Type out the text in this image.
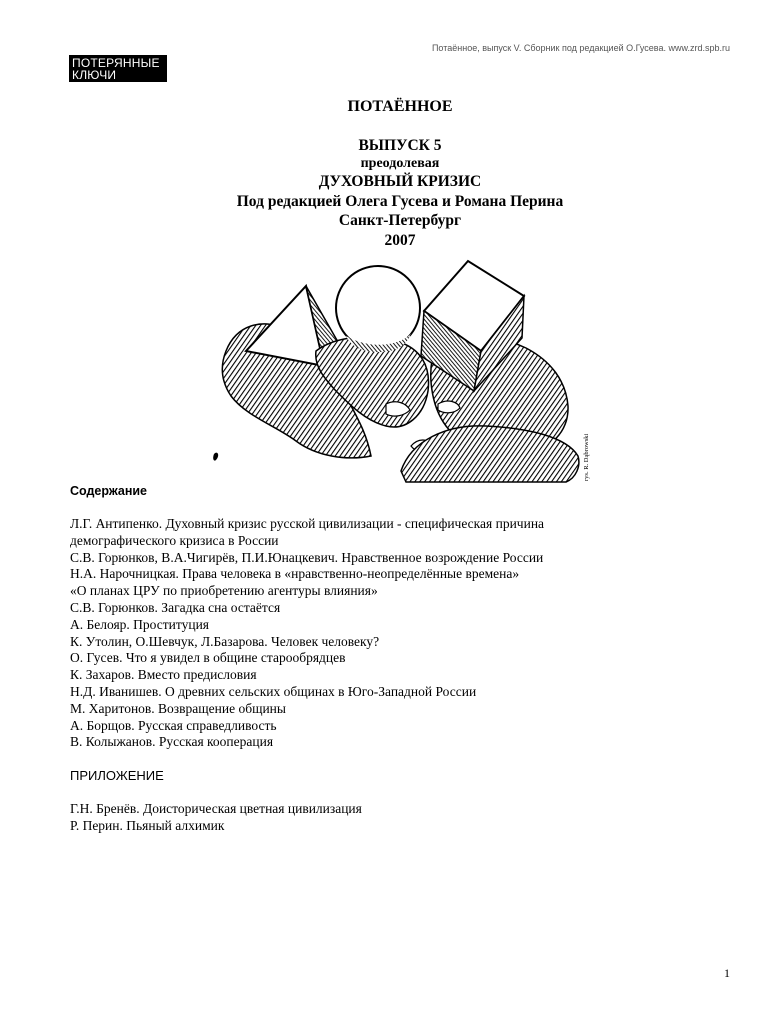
Потаённое, выпуск V. Сборник под редакцией О.Гусева. www.zrd.spb.ru
ПОТЕРЯННЫЕ
КЛЮЧИ
ПОТАЁННОЕ
ВЫПУСК 5
преодолевая
ДУХОВНЫЙ КРИЗИС
Под редакцией Олега Гусева и Романа Перина
Санкт-Петербург
2007
rys. R. Dąbrowski
Содержание
Л.Г. Антипенко. Духовный кризис русской цивилизации - специфическая причина
демографического кризиса в России
С.В. Горюнков, В.А.Чигирёв, П.И.Юнацкевич. Нравственное возрождение России
Н.А. Нарочницкая. Права человека в «нравственно-неопределённые времена»
«О планах ЦРУ по приобретению агентуры влияния»
С.В. Горюнков. Загадка сна остаётся
А. Белояр. Проституция
К. Утолин, О.Шевчук, Л.Базарова. Человек человеку?
О. Гусев. Что я увидел в общине старообрядцев
К. Захаров. Вместо предисловия
Н.Д. Иванишев. О древних сельских общинах в Юго-Западной России
М. Харитонов. Возвращение общины
А. Борщов. Русская справедливость
В. Колыжанов. Русская кооперация
ПРИЛОЖЕНИЕ
Г.Н. Бренёв. Доисторическая цветная цивилизация
Р. Перин. Пьяный алхимик
1
